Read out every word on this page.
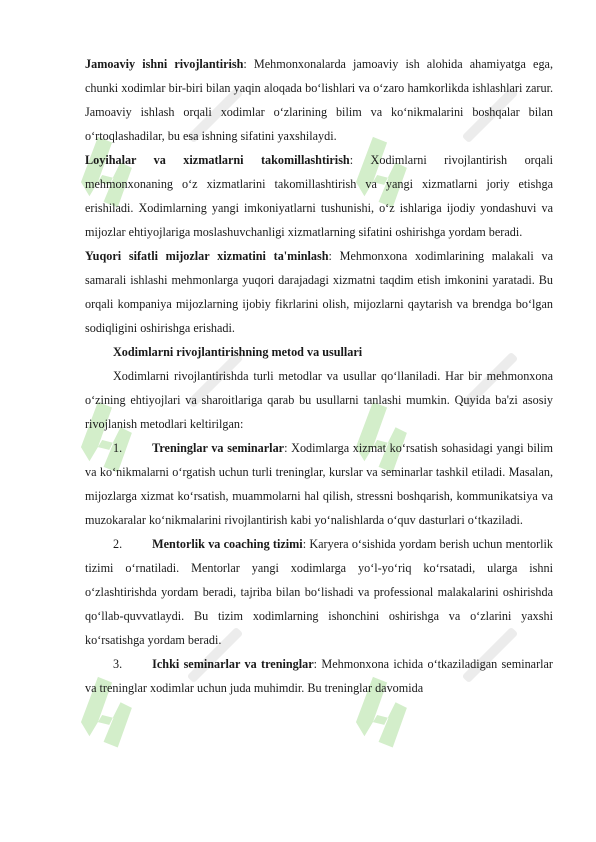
Jamoaviy ishni rivojlantirish: Mehmonxonalarda jamoaviy ish alohida ahamiyatga ega, chunki xodimlar bir-biri bilan yaqin aloqada bo‘lishlari va o‘zaro hamkorlikda ishlashlari zarur. Jamoaviy ishlash orqali xodimlar o‘zlarining bilim va ko‘nikmalarini boshqalar bilan o‘rtoqlashadilar, bu esa ishning sifatini yaxshilaydi.

Loyihalar va xizmatlarni takomillashtirish: Xodimlarni rivojlantirish orqali mehmonxonaning o‘z xizmatlarini takomillashtirish va yangi xizmatlarni joriy etishga erishiladi. Xodimlarning yangi imkoniyatlarni tushunishi, o‘z ishlariga ijodiy yondashuvi va mijozlar ehtiyojlariga moslashuvchanligi xizmatlarning sifatini oshirishga yordam beradi.

Yuqori sifatli mijozlar xizmatini ta'minlash: Mehmonxona xodimlarining malakali va samarali ishlashi mehmonlarga yuqori darajadagi xizmatni taqdim etish imkonini yaratadi. Bu orqali kompaniya mijozlarning ijobiy fikrlarini olish, mijozlarni qaytarish va brendga bo‘lgan sodiqligini oshirishga erishadi.

Xodimlarni rivojlantirishning metod va usullari

Xodimlarni rivojlantirishda turli metodlar va usullar qo‘llaniladi. Har bir mehmonxona o‘zining ehtiyojlari va sharoitlariga qarab bu usullarni tanlashi mumkin. Quyida ba'zi asosiy rivojlanish metodlari keltirilgan:

1. Treninglar va seminarlar: Xodimlarga xizmat ko‘rsatish sohasidagi yangi bilim va ko‘nikmalarni o‘rgatish uchun turli treninglar, kurslar va seminarlar tashkil etiladi. Masalan, mijozlarga xizmat ko‘rsatish, muammolarni hal qilish, stressni boshqarish, kommunikatsiya va muzokaralar ko‘nikmalarini rivojlantirish kabi yo‘nalishlarda o‘quv dasturlari o‘tkaziladi.

2. Mentorlik va coaching tizimi: Karyera o‘sishida yordam berish uchun mentorlik tizimi o‘rnatiladi. Mentorlar yangi xodimlarga yo‘l-yo‘riq ko‘rsatadi, ularga ishni o‘zlashtirishda yordam beradi, tajriba bilan bo‘lishadi va professional malakalarini oshirishda qo‘llab-quvvatlaydi. Bu tizim xodimlarning ishonchini oshirishga va o‘zlarini yaxshi ko‘rsatishga yordam beradi.

3. Ichki seminarlar va treninglar: Mehmonxona ichida o‘tkaziladigan seminarlar va treninglar xodimlar uchun juda muhimdir. Bu treninglar davomida
